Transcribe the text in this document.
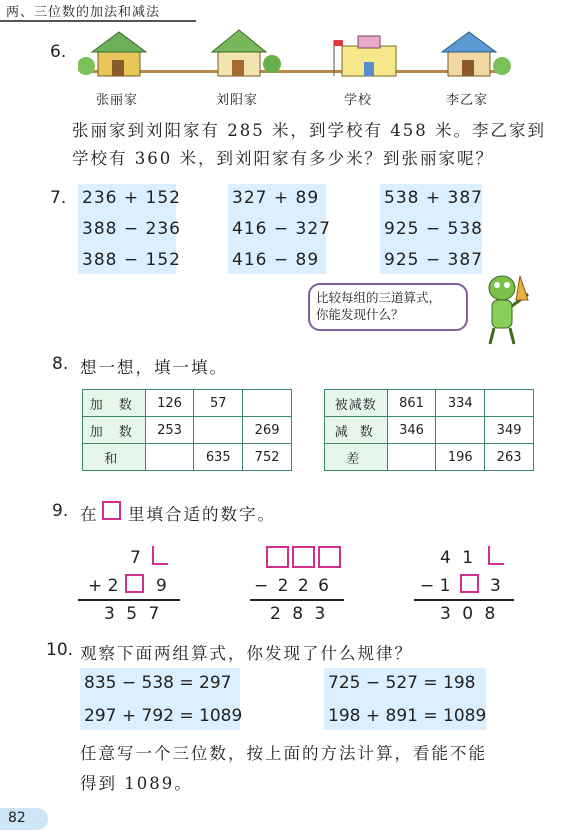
两、三位数的加法和减法
6.
张丽家	刘阳家	学校	李乙家
张丽家到刘阳家有 285 米，到学校有 458 米。李乙家到
学校有 360 米，到刘阳家有多少米？到张丽家呢？
7. 236 + 152
388 − 236
388 − 152
327 + 89
416 − 327
416 − 89
538 + 387
925 − 538
925 − 387
比较每组的三道算式，
你能发现什么？
8. 想一想，填一填。
加 数	126	57	
加 数	253		269
和		635	752
被减数	861	334	
减 数	346		349
差		196	263
9. 在 里填合适的数字。
7
+ 2 9
3 5 7
− 2 2 6
2 8 3
4 1
− 1 3
3 0 8
10. 观察下面两组算式，你发现了什么规律？
835 − 538 = 297
297 + 792 = 1089
725 − 527 = 198
198 + 891 = 1089
任意写一个三位数，按上面的方法计算，看能不能
得到 1089。
82
